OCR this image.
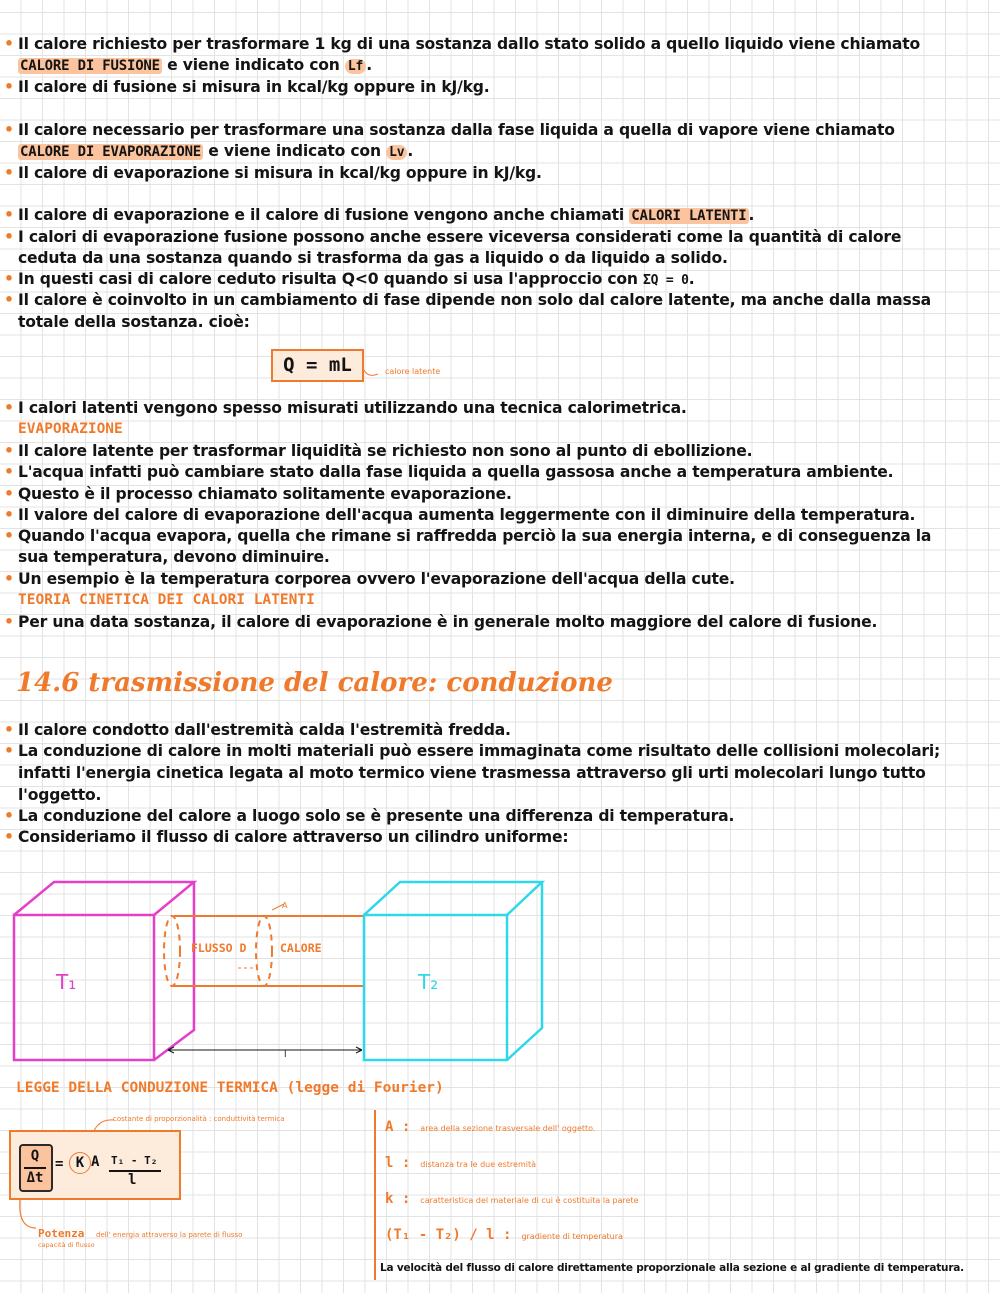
• Il calore richiesto per trasformare 1 kg di una sostanza dallo stato solido a quello liquido viene chiamato
CALORE DI FUSIONE e viene indicato con Lf .
• Il calore di fusione si misura in kcal/kg oppure in kJ/kg.
• Il calore necessario per trasformare una sostanza dalla fase liquida a quella di vapore viene chiamato
CALORE DI EVAPORAZIONE e viene indicato con Lv .
• Il calore di evaporazione si misura in kcal/kg oppure in kJ/kg.
• Il calore di evaporazione e il calore di fusione vengono anche chiamati CALORI LATENTI .
• I calori di evaporazione fusione possono anche essere viceversa considerati come la quantità di calore
ceduta da una sostanza quando si trasforma da gas a liquido o da liquido a solido.
• In questi casi di calore ceduto risulta Q<0 quando si usa l'approccio con ΣQ = 0.
• Il calore è coinvolto in un cambiamento di fase dipende non solo dal calore latente, ma anche dalla massa
totale della sostanza. cioè:
Q = mL	calore latente
• I calori latenti vengono spesso misurati utilizzando una tecnica calorimetrica.
EVAPORAZIONE
• Il calore latente per trasformar liquidità se richiesto non sono al punto di ebollizione.
• L'acqua infatti può cambiare stato dalla fase liquida a quella gassosa anche a temperatura ambiente.
• Questo è il processo chiamato solitamente evaporazione.
• Il valore del calore di evaporazione dell'acqua aumenta leggermente con il diminuire della temperatura.
• Quando l'acqua evapora, quella che rimane si raffredda perciò la sua energia interna, e di conseguenza la
sua temperatura, devono diminuire.
• Un esempio è la temperatura corporea ovvero l'evaporazione dell'acqua della cute.
TEORIA CINETICA DEI CALORI LATENTI
• Per una data sostanza, il calore di evaporazione è in generale molto maggiore del calore di fusione.
14.6 trasmissione del calore: conduzione
• Il calore condotto dall'estremità calda l'estremità fredda.
• La conduzione di calore in molti materiali può essere immaginata come risultato delle collisioni molecolari;
infatti l'energia cinetica legata al moto termico viene trasmessa attraverso gli urti molecolari lungo tutto
l'oggetto.
• La conduzione del calore a luogo solo se è presente una differenza di temperatura.
• Consideriamo il flusso di calore attraverso un cilindro uniforme:
T₁	T₂
FLUSSO D	CALORE
A
l
LEGGE DELLA CONDUZIONE TERMICA (legge di Fourier)
costante di proporzionalità : conduttività termica
Q
Δt
= K A T₁ - T₂
l
Potenza dell' energia attraverso la parete di flusso
capacità di flusso
A : area della sezione trasversale dell' oggetto.
l : distanza tra le due estremità
k : caratteristica del materiale di cui è costituita la parete
(T₁ - T₂) / l : gradiente di temperatura
La velocità del flusso di calore direttamente proporzionale alla sezione e al gradiente di temperatura.
